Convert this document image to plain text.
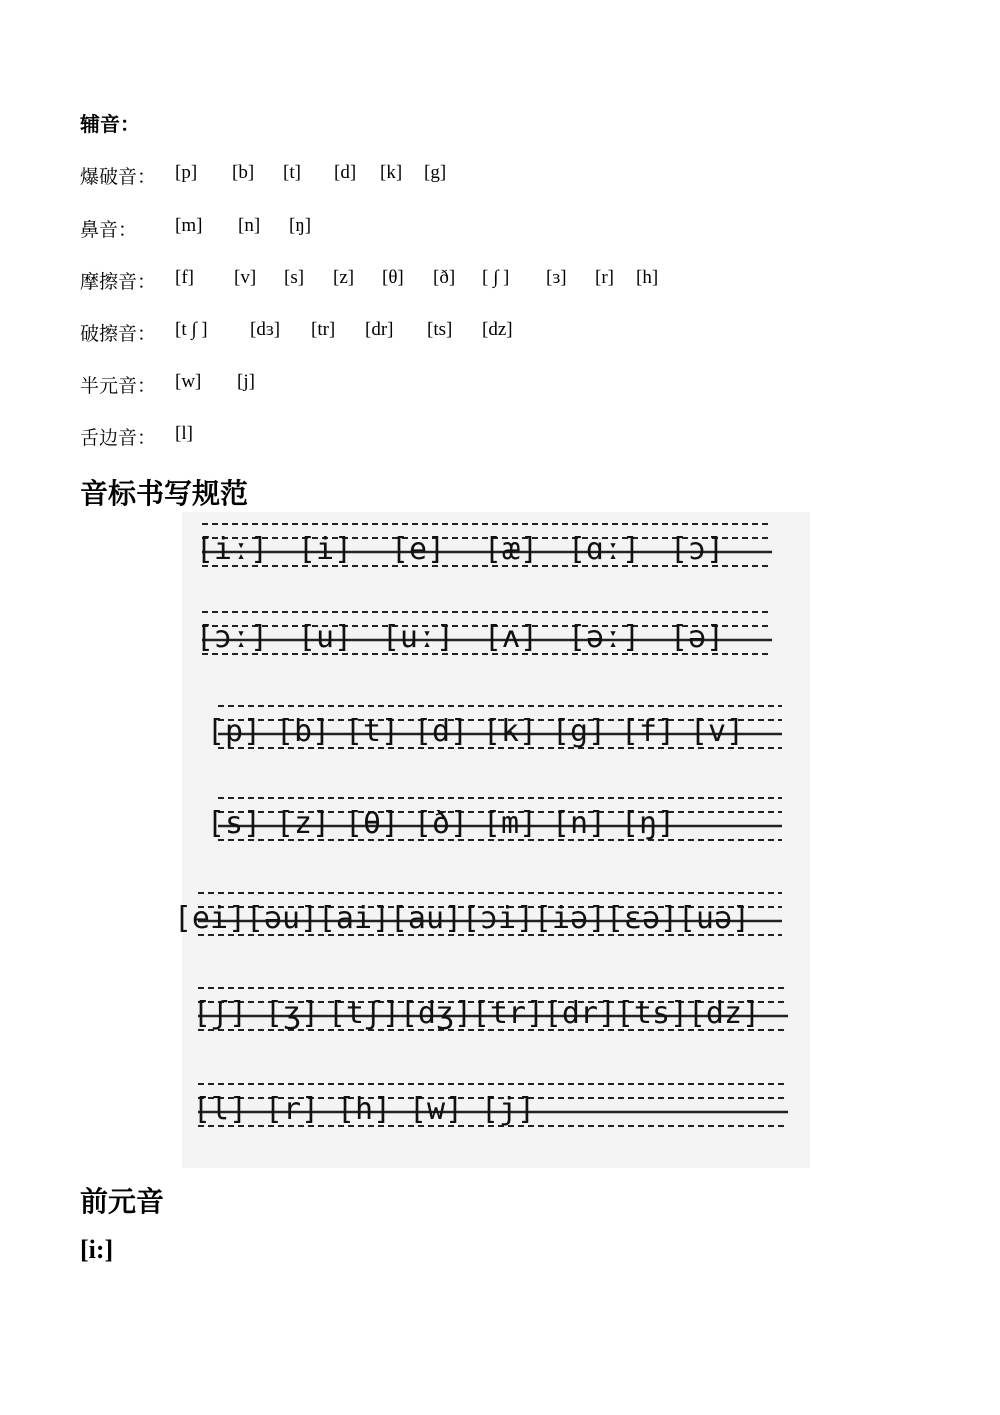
辅音：
爆破音： [p] [b] [t] [d] [k] [g]
鼻音： [m] [n] [ŋ]
摩擦音： [f] [v] [s] [z] [θ] [ð] [ ∫ ] [ɜ] [r] [h]
破擦音： [t ∫ ] [dɜ] [tr] [dr] [ts] [dz]
半元音： [w] [j]
舌边音： [l]
音标书写规范
[iː] [i] [e] [æ] [ɑː] [ɔ]
[ɔː] [u] [uː] [ʌ] [əː] [ə]
[p] [b] [t] [d] [k] [g] [f] [v]
[s] [z] [θ] [ð] [m] [n] [ŋ]
[ei] [əu] [ai] [au] [ɔi] [iə] [ɛə] [uə]
[ʃ] [ʒ] [tʃ] [dʒ] [tr] [dr] [ts] [dz]
[l] [r] [h] [w] [j]
前元音
[i:]
